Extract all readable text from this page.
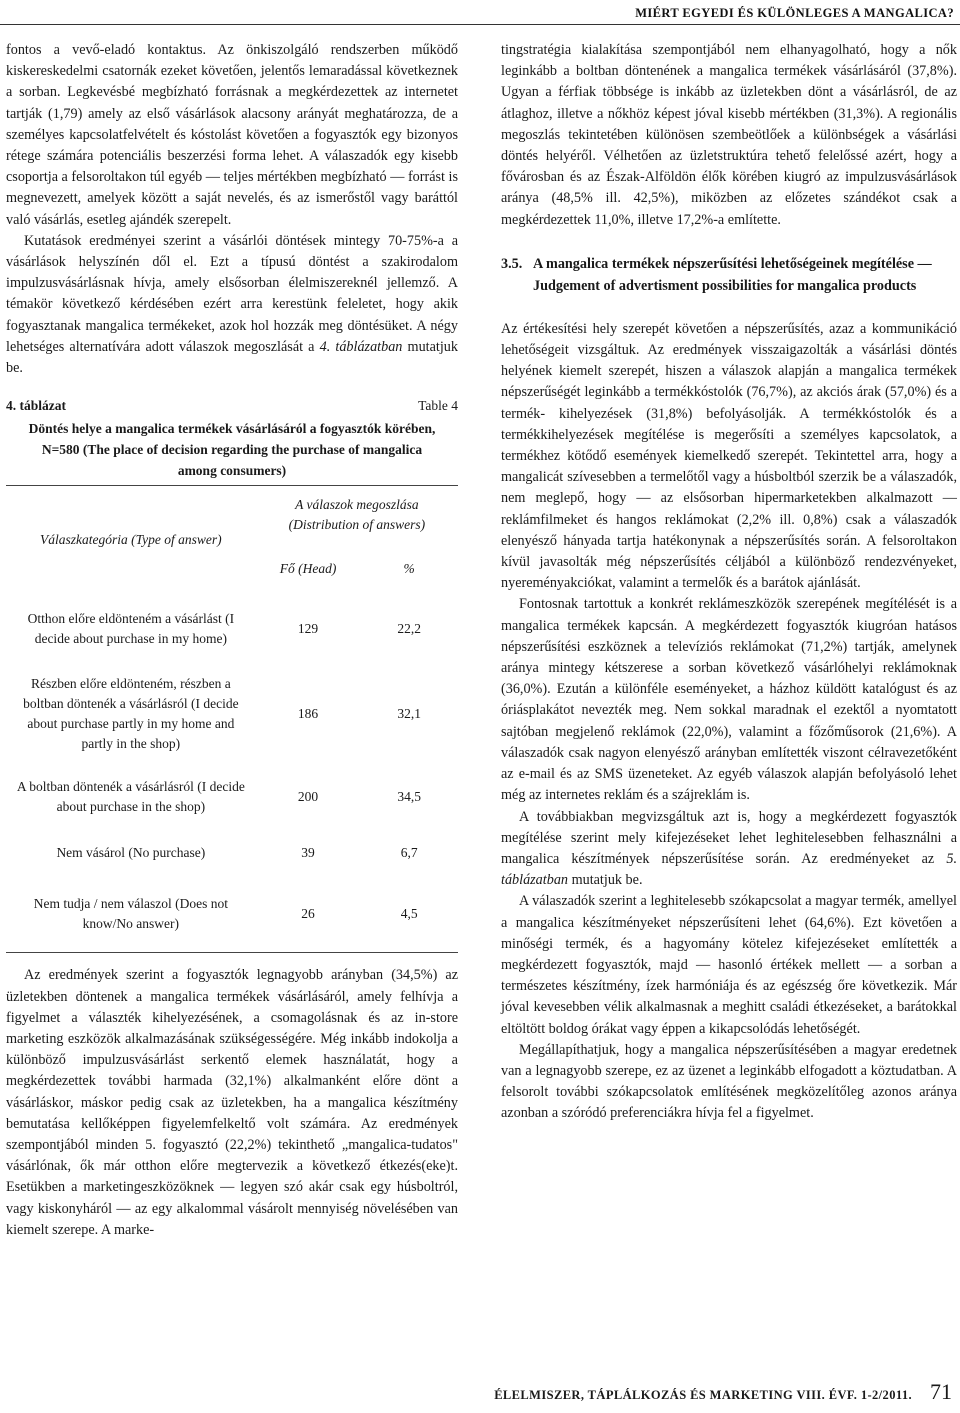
MIÉRT EGYEDI ÉS KÜLÖNLEGES A MANGALICA?

fontos a vevő-eladó kontaktus. Az önkiszolgáló rendszerben működő kiskereskedelmi csatornák ezeket követően, jelentős lemaradással következnek a sorban. Legkevésbé megbízható forrásnak a megkérdezettek az internetet tartják (1,79) amely az első vásárlások alacsony arányát meghatározza, de a személyes kapcsolatfelvételt és kóstolást követően a fogyasztók egy bizonyos rétege számára potenciális beszerzési forma lehet. A válaszadók egy kisebb csoportja a felsoroltakon túl egyéb — teljes mértékben megbízható — forrást is megnevezett, amelyek között a saját nevelés, és az ismerőstől vagy baráttól való vásárlás, esetleg ajándék szerepelt.

Kutatások eredményei szerint a vásárlói döntések mintegy 70-75%-a a vásárlások helyszínén dől el. Ezt a típusú döntést a szakirodalom impulzusvásárlásnak hívja, amely elsősorban élelmiszereknél jellemző. A témakör következő kérdésében ezért arra kerestünk feleletet, hogy akik fogyasztanak mangalica termékeket, azok hol hozzák meg döntésüket. A négy lehetséges alternatívára adott válaszok megoszlását a 4. táblázatban mutatjuk be.

4. táblázat	Table 4
Döntés helye a mangalica termékek vásárlásáról a fogyasztók körében, N=580 (The place of decision regarding the purchase of mangalica among consumers)
Válaszkategória (Type of answer)	A válaszok megoszlása (Distribution of answers)	
	Fő (Head)	%
Otthon előre eldönteném a vásárlást (I decide about purchase in my home)	129	22,2
Részben előre eldönteném, részben a boltban döntenék a vásárlásról (I decide about purchase partly in my home and partly in the shop)	186	32,1
A boltban döntenék a vásárlásról (I decide about purchase in the shop)	200	34,5
Nem vásárol (No purchase)	39	6,7
Nem tudja / nem válaszol (Does not know/No answer)	26	4,5

Az eredmények szerint a fogyasztók legnagyobb arányban (34,5%) az üzletekben döntenek a mangalica termékek vásárlásáról, amely felhívja a figyelmet a választék kihelyezésének, a csomagolásnak és az in-store marketing eszközök alkalmazásának szükségességére. Még inkább indokolja a különböző impulzusvásárlást serkentő elemek használatát, hogy a megkérdezettek további harmada (32,1%) alkalmanként előre dönt a vásárláskor, máskor pedig csak az üzletekben, ha a mangalica készítmény bemutatása kellőképpen figyelemfelkeltő volt számára. Az eredmények szempontjából minden 5. fogyasztó (22,2%) tekinthető „mangalica-tudatos" vásárlónak, ők már otthon előre megtervezik a következő étkezés(eke)t. Esetükben a marketingeszközöknek — legyen szó akár csak egy húsboltról, vagy kiskonyháról — az egy alkalommal vásárolt mennyiség növelésében van kiemelt szerepe. A marke-

tingstratégia kialakítása szempontjából nem elhanyagolható, hogy a nők leginkább a boltban döntenének a mangalica termékek vásárlásáról (37,8%). Ugyan a férfiak többsége is inkább az üzletekben dönt a vásárlásról, de az átlaghoz, illetve a nőkhöz képest jóval kisebb mértékben (31,3%). A regionális megoszlás tekintetében különösen szembeötlőek a különbségek a vásárlási döntés helyéről. Vélhetően az üzletstruktúra tehető felelőssé azért, hogy a fővárosban és az Észak-Alföldön élők körében kiugró az impulzusvásárlások aránya (48,5% ill. 42,5%), miközben az előzetes szándékot csak a megkérdezettek 11,0%, illetve 17,2%-a említette.

3.5. A mangalica termékek népszerűsítési lehetőségeinek megítélése — Judgement of advertisment possibilities for mangalica products

Az értékesítési hely szerepét követően a népszerűsítés, azaz a kommunikáció lehetőségeit vizsgáltuk. Az eredmények visszaigazolták a vásárlási döntés helyének kiemelt szerepét, hiszen a válaszok alapján a mangalica termékek népszerűségét leginkább a termékkóstolók (76,7%), az akciós árak (57,0%) és a termék- kihelyezések (31,8%) befolyásolják. A termékkóstolók és a termékkihelyezések megítélése is megerősíti a személyes kapcsolatok, a termékhez kötődő események kiemelkedő szerepét. Tekintettel arra, hogy a mangalicát szívesebben a termelőtől vagy a húsboltból szerzik be a válaszadók, nem meglepő, hogy — az elsősorban hipermarketekben alkalmazott — reklámfilmeket és hangos reklámokat (2,2% ill. 0,8%) csak a válaszadók elenyésző hányada tartja hatékonynak a népszerűsítés során. A felsoroltakon kívül javasolták még népszerűsítés céljából a különböző rendezvényeket, nyereményakciókat, valamint a termelők és a barátok ajánlását.

Fontosnak tartottuk a konkrét reklámeszközök szerepének megítélését is a mangalica termékek kapcsán. A megkérdezett fogyasztók kiugróan hatásos népszerűsítési eszköznek a televíziós reklámokat (71,2%) tartják, amelynek aránya mintegy kétszerese a sorban következő vásárlóhelyi reklámoknak (36,0%). Ezután a különféle eseményeket, a házhoz küldött katalógust és az óriásplakátot nevezték meg. Nem sokkal maradnak el ezektől a nyomtatott sajtóban megjelenő reklámok (22,0%), valamint a főzőműsorok (21,6%). A válaszadók csak nagyon elenyésző arányban említették viszont célravezetőként az e-mail és az SMS üzeneteket. Az egyéb válaszok alapján befolyásoló lehet még az internetes reklám és a szájreklám is.

A továbbiakban megvizsgáltuk azt is, hogy a megkérdezett fogyasztók megítélése szerint mely kifejezéseket lehet leghitelesebben felhasználni a mangalica készítmények népszerűsítése során. Az eredményeket az 5. táblázatban mutatjuk be.

A válaszadók szerint a leghitelesebb szókapcsolat a magyar termék, amellyel a mangalica készítményeket népszerűsíteni lehet (64,6%). Ezt követően a minőségi termék, és a hagyomány kötelez kifejezéseket említették a megkérdezett fogyasztók, majd — hasonló értékek mellett — a sorban a természetes készítmény, ízek harmóniája és az egészség őre következik. Már jóval kevesebben vélik alkalmasnak a meghitt családi étkezéseket, a barátokkal eltöltött boldog órákat vagy éppen a kikapcsolódás lehetőségét.

Megállapíthatjuk, hogy a mangalica népszerűsítésében a magyar eredetnek van a legnagyobb szerepe, ez az üzenet a leginkább elfogadott a köztudatban. A felsorolt további szókapcsolatok említésének megközelítőleg azonos aránya azonban a szóródó preferenciákra hívja fel a figyelmet.

ÉLELMISZER, TÁPLÁLKOZÁS ÉS MARKETING VIII. ÉVF. 1-2/2011. 71
